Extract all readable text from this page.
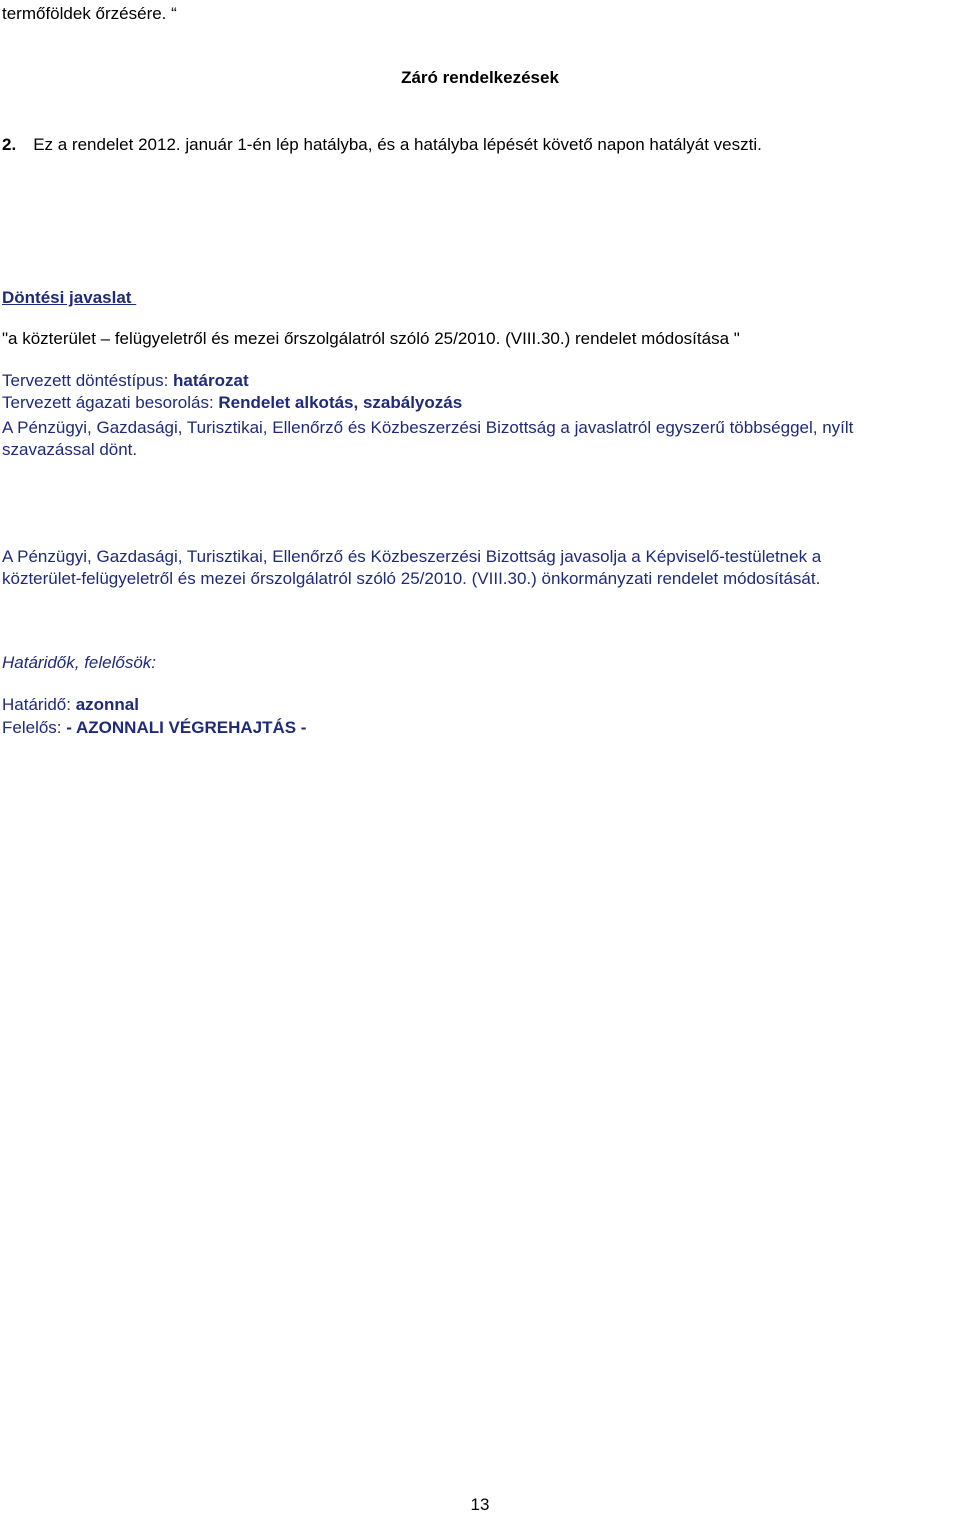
termőföldek őrzésére. “
Záró rendelkezések
2. Ez a rendelet 2012. január 1-én lép hatályba, és a hatályba lépését követő napon hatályát veszti.
Döntési javaslat
"a közterület – felügyeletről és mezei őrszolgálatról szóló 25/2010. (VIII.30.) rendelet módosítása "
Tervezett döntéstípus: határozat
Tervezett ágazati besorolás: Rendelet alkotás, szabályozás
A Pénzügyi, Gazdasági, Turisztikai, Ellenőrző és Közbeszerzési Bizottság a javaslatról egyszerű többséggel, nyílt
szavazással dönt.
A Pénzügyi, Gazdasági, Turisztikai, Ellenőrző és Közbeszerzési Bizottság javasolja a Képviselő-testületnek a
közterület-felügyeletről és mezei őrszolgálatról szóló 25/2010. (VIII.30.) önkormányzati rendelet módosítását.
Határidők, felelősök:
Határidő: azonnal
Felelős: - AZONNALI VÉGREHAJTÁS -
13
